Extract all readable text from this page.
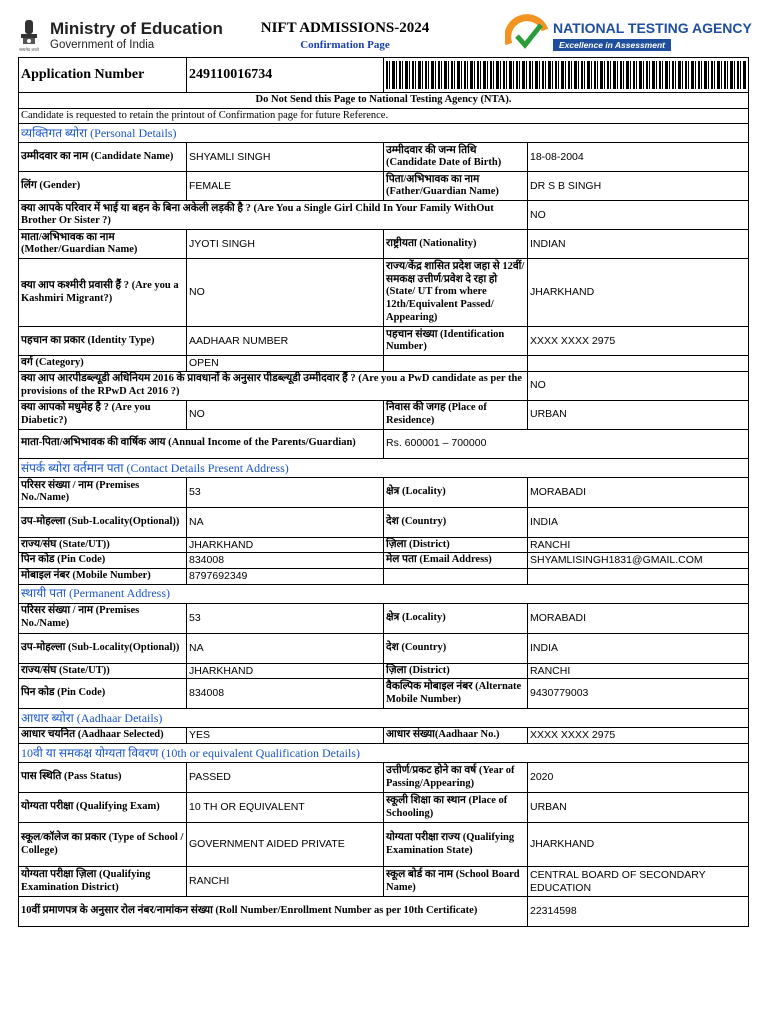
सत्यमेव जयते
Ministry of Education
Government of India
NIFT ADMISSIONS-2024
Confirmation Page
NATIONAL TESTING AGENCY
Excellence in Assessment
Application Number	249110016734		

Do Not Send this Page to National Testing Agency (NTA).			
Candidate is requested to retain the printout of Confirmation page for future Reference.			
व्यक्तिगत ब्योरा (Personal Details)			
उम्मीदवार का नाम (Candidate Name)	SHYAMLI SINGH	उम्मीदवार की जन्म तिथि (Candidate Date of Birth)	18-08-2004
लिंग (Gender)	FEMALE	पिता/अभिभावक का नाम (Father/Guardian Name)	DR S B SINGH
क्या आपके परिवार में भाई या बहन के बिना अकेली लड़की है ? (Are You a Single Girl Child In Your Family WithOut Brother Or Sister ?)			NO
माता/अभिभावक का नाम (Mother/Guardian Name)	JYOTI SINGH	राष्ट्रीयता (Nationality)	INDIAN
क्या आप कश्मीरी प्रवासी हैं ? (Are you a Kashmiri Migrant?)	NO	राज्य/केंद्र शासित प्रदेश जहा से 12वीं/समकक्ष उत्तीर्ण/प्रवेश दे रहा हो (State/ UT from where 12th/Equivalent Passed/ Appearing)	JHARKHAND
पहचान का प्रकार (Identity Type)	AADHAAR NUMBER	पहचान संख्या (Identification Number)	XXXX XXXX 2975
वर्ग (Category)	OPEN		
क्या आप आरपीडब्ल्यूडी अधिनियम 2016 के प्रावधानों के अनुसार पीडब्ल्यूडी उम्मीदवार हैं ? (Are you a PwD candidate as per the provisions of the RPwD Act 2016 ?)			NO
क्या आपको मधुमेह है ? (Are you Diabetic?)	NO	निवास की जगह (Place of Residence)	URBAN
माता-पिता/अभिभावक की वार्षिक आय (Annual Income of the Parents/Guardian)		Rs. 600001 – 700000	
संपर्क ब्योरा वर्तमान पता (Contact Details Present Address)			
परिसर संख्या / नाम (Premises No./Name)	53	क्षेत्र (Locality)	MORABADI
उप-मोहल्ला (Sub-Locality(Optional))	NA	देश (Country)	INDIA
राज्य/संघ (State/UT))	JHARKHAND	ज़िला (District)	RANCHI
पिन कोड (Pin Code)	834008	मेल पता (Email Address)	SHYAMLISINGH1831@GMAIL.COM
मोबाइल नंबर (Mobile Number)	8797692349		
स्थायी पता (Permanent Address)			
परिसर संख्या / नाम (Premises No./Name)	53	क्षेत्र (Locality)	MORABADI
उप-मोहल्ला (Sub-Locality(Optional))	NA	देश (Country)	INDIA
राज्य/संघ (State/UT))	JHARKHAND	ज़िला (District)	RANCHI
पिन कोड (Pin Code)	834008	वैकल्पिक मोबाइल नंबर (Alternate Mobile Number)	9430779003
आधार ब्योरा (Aadhaar Details)			
आधार चयनित (Aadhaar Selected)	YES	आधार संख्या(Aadhaar No.)	XXXX XXXX 2975
10वी या समकक्ष योग्यता विवरण (10th or equivalent Qualification Details)			
पास स्थिति (Pass Status)	PASSED	उत्तीर्ण/प्रकट होने का वर्ष (Year of Passing/Appearing)	2020
योग्यता परीक्षा (Qualifying Exam)	10 TH OR EQUIVALENT	स्कूली शिक्षा का स्थान (Place of Schooling)	URBAN
स्कूल/कॉलेज का प्रकार (Type of School / College)	GOVERNMENT AIDED PRIVATE	योग्यता परीक्षा राज्य (Qualifying Examination State)	JHARKHAND
योग्यता परीक्षा ज़िला (Qualifying Examination District)	RANCHI	स्कूल बोर्ड का नाम (School Board Name)	CENTRAL BOARD OF SECONDARY EDUCATION
10वीं प्रमाणपत्र के अनुसार रोल नंबर/नामांकन संख्या (Roll Number/Enrollment Number as per 10th Certificate)			22314598
